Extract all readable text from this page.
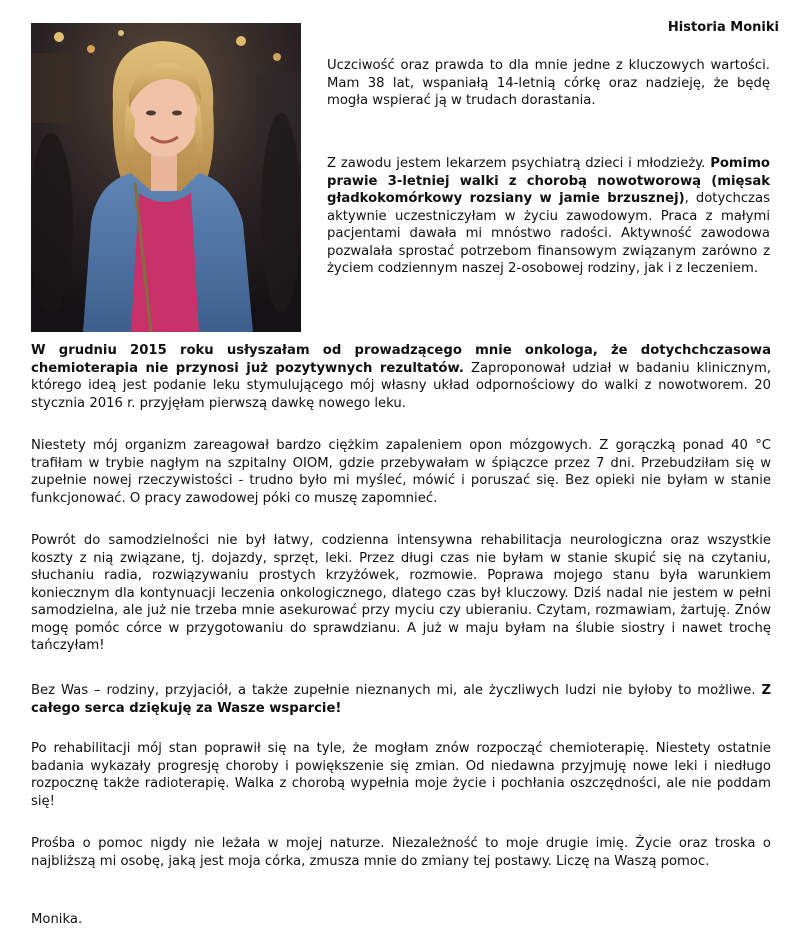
Historia Moniki

Uczciwość oraz prawda to dla mnie jedne z kluczowych wartości. Mam 38 lat, wspaniałą 14-letnią córkę oraz nadzieję, że będę mogła wspierać ją w trudach dorastania.

Z zawodu jestem lekarzem psychiatrą dzieci i młodzieży. Pomimo prawie 3-letniej walki z chorobą nowotworową (mięsak gładkokomórkowy rozsiany w jamie brzusznej), dotychczas aktywnie uczestniczyłam w życiu zawodowym. Praca z małymi pacjentami dawała mi mnóstwo radości. Aktywność zawodowa pozwalała sprostać potrzebom finansowym związanym zarówno z życiem codziennym naszej 2-osobowej rodziny, jak i z leczeniem.

W grudniu 2015 roku usłyszałam od prowadzącego mnie onkologa, że dotychchczasowa chemioterapia nie przynosi już pozytywnych rezultatów. Zaproponował udział w badaniu klinicznym, którego ideą jest podanie leku stymulującego mój własny układ odpornościowy do walki z nowotworem. 20 stycznia 2016 r. przyjęłam pierwszą dawkę nowego leku.

Niestety mój organizm zareagował bardzo ciężkim zapaleniem opon mózgowych. Z gorączką ponad 40 °C trafiłam w trybie nagłym na szpitalny OIOM, gdzie przebywałam w śpiączce przez 7 dni. Przebudziłam się w zupełnie nowej rzeczywistości - trudno było mi myśleć, mówić i poruszać się. Bez opieki nie byłam w stanie funkcjonować. O pracy zawodowej póki co muszę zapomnieć.

Powrót do samodzielności nie był łatwy, codzienna intensywna rehabilitacja neurologiczna oraz wszystkie koszty z nią związane, tj. dojazdy, sprzęt, leki. Przez długi czas nie byłam w stanie skupić się na czytaniu, słuchaniu radia, rozwiązywaniu prostych krzyżówek, rozmowie. Poprawa mojego stanu była warunkiem koniecznym dla kontynuacji leczenia onkologicznego, dlatego czas był kluczowy. Dziś nadal nie jestem w pełni samodzielna, ale już nie trzeba mnie asekurować przy myciu czy ubieraniu. Czytam, rozmawiam, żartuję. Znów mogę pomóc córce w przygotowaniu do sprawdzianu. A już w maju byłam na ślubie siostry i nawet trochę tańczyłam!

Bez Was – rodziny, przyjaciół, a także zupełnie nieznanych mi, ale życzliwych ludzi nie byłoby to możliwe. Z całego serca dziękuję za Wasze wsparcie!

Po rehabilitacji mój stan poprawił się na tyle, że mogłam znów rozpocząć chemioterapię. Niestety ostatnie badania wykazały progresję choroby i powiększenie się zmian. Od niedawna przyjmuję nowe leki i niedługo rozpocznę także radioterapię. Walka z chorobą wypełnia moje życie i pochłania oszczędności, ale nie poddam się!

Prośba o pomoc nigdy nie leżała w mojej naturze. Niezależność to moje drugie imię. Życie oraz troska o najbliższą mi osobę, jaką jest moja córka, zmusza mnie do zmiany tej postawy. Liczę na Waszą pomoc.

Monika.
